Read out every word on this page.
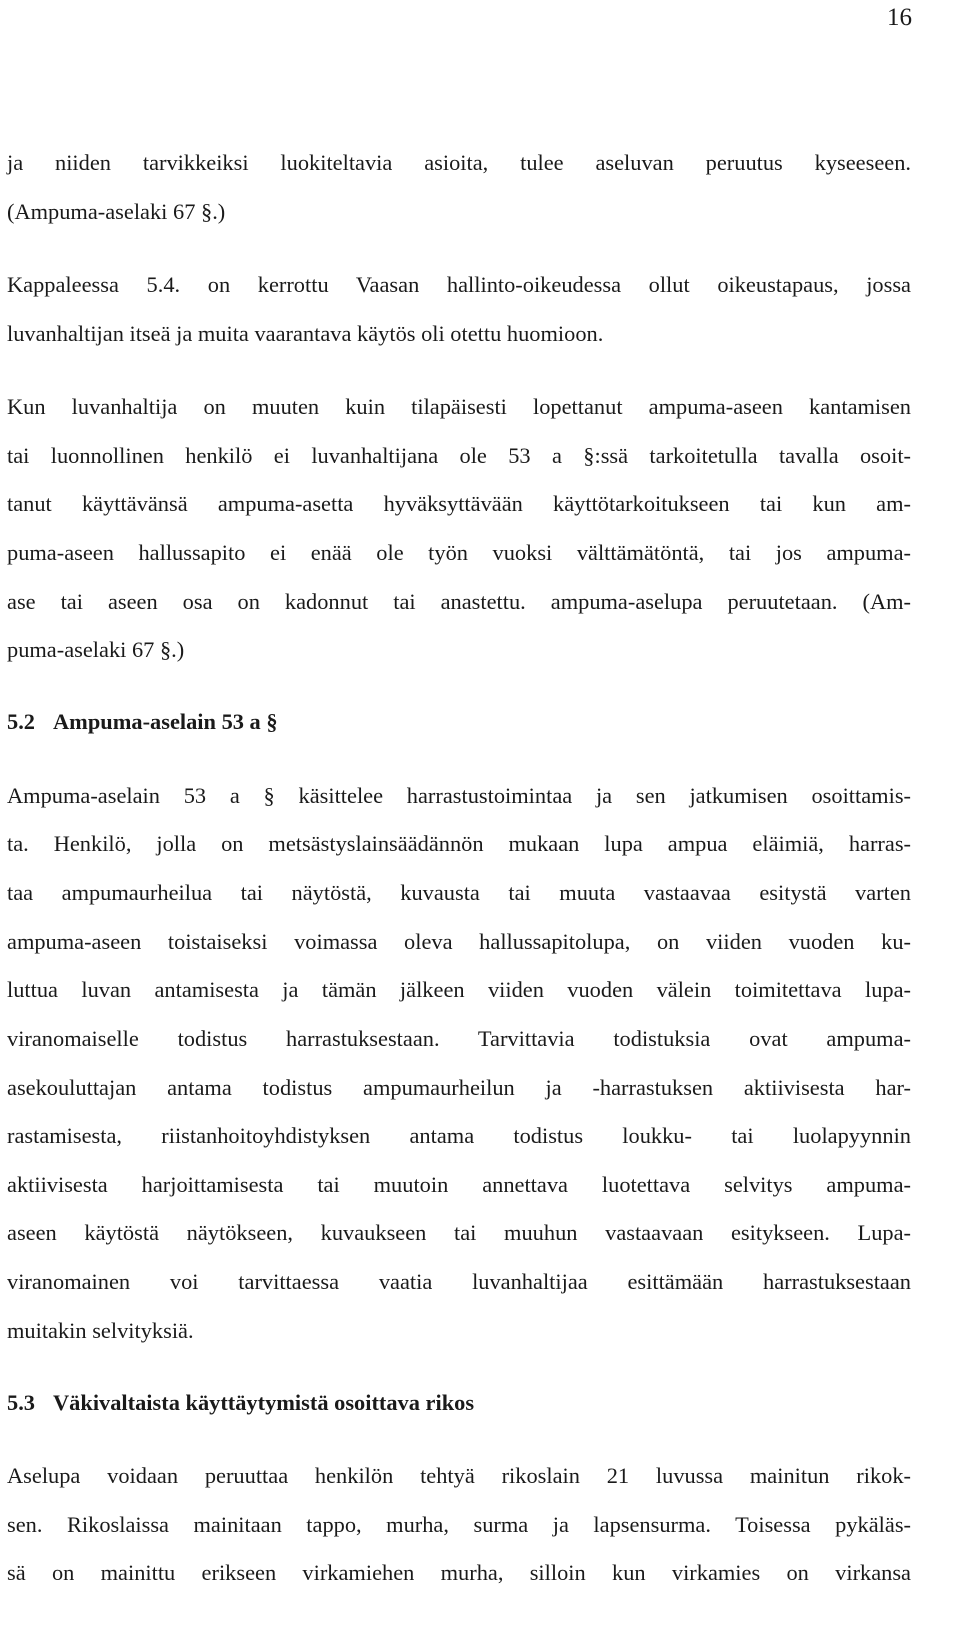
16
ja niiden tarvikkeiksi luokiteltavia asioita, tulee aseluvan peruutus kyseeseen.
(Ampuma-aselaki 67 §.)
Kappaleessa 5.4. on kerrottu Vaasan hallinto-oikeudessa ollut oikeustapaus, jossa
luvanhaltijan itseä ja muita vaarantava käytös oli otettu huomioon.
Kun luvanhaltija on muuten kuin tilapäisesti lopettanut ampuma-aseen kantamisen
tai luonnollinen henkilö ei luvanhaltijana ole 53 a §:ssä tarkoitetulla tavalla osoit-
tanut käyttävänsä ampuma-asetta hyväksyttävään käyttötarkoitukseen tai kun am-
puma-aseen hallussapito ei enää ole työn vuoksi välttämätöntä, tai jos ampuma-
ase tai aseen osa on kadonnut tai anastettu. ampuma-aselupa peruutetaan. (Am-
puma-aselaki 67 §.)
5.2 Ampuma-aselain 53 a §
Ampuma-aselain 53 a § käsittelee harrastustoimintaa ja sen jatkumisen osoittamis-
ta. Henkilö, jolla on metsästyslainsäädännön mukaan lupa ampua eläimiä, harras-
taa ampumaurheilua tai näytöstä, kuvausta tai muuta vastaavaa esitystä varten
ampuma-aseen toistaiseksi voimassa oleva hallussapitolupa, on viiden vuoden ku-
luttua luvan antamisesta ja tämän jälkeen viiden vuoden välein toimitettava lupa-
viranomaiselle todistus harrastuksestaan. Tarvittavia todistuksia ovat ampuma-
asekouluttajan antama todistus ampumaurheilun ja -harrastuksen aktiivisesta har-
rastamisesta, riistanhoitoyhdistyksen antama todistus loukku- tai luolapyynnin
aktiivisesta harjoittamisesta tai muutoin annettava luotettava selvitys ampuma-
aseen käytöstä näytökseen, kuvaukseen tai muuhun vastaavaan esitykseen. Lupa-
viranomainen voi tarvittaessa vaatia luvanhaltijaa esittämään harrastuksestaan
muitakin selvityksiä.
5.3 Väkivaltaista käyttäytymistä osoittava rikos
Aselupa voidaan peruuttaa henkilön tehtyä rikoslain 21 luvussa mainitun rikok-
sen. Rikoslaissa mainitaan tappo, murha, surma ja lapsensurma. Toisessa pykäläs-
sä on mainittu erikseen virkamiehen murha, silloin kun virkamies on virkansa
